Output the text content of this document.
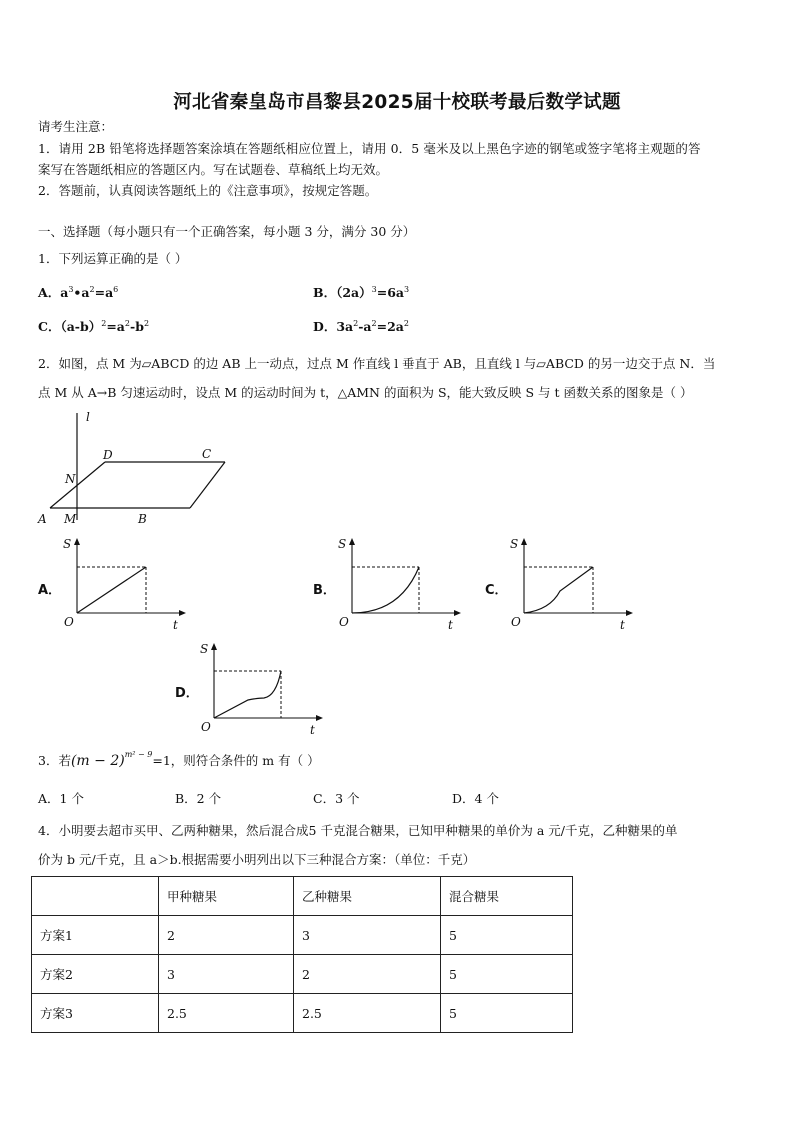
河北省秦皇岛市昌黎县2025届十校联考最后数学试题
请考生注意：
1．请用 2B 铅笔将选择题答案涂填在答题纸相应位置上，请用 0．5 毫米及以上黑色字迹的钢笔或签字笔将主观题的答
案写在答题纸相应的答题区内。写在试题卷、草稿纸上均无效。
2．答题前，认真阅读答题纸上的《注意事项》，按规定答题。
一、选择题（每小题只有一个正确答案，每小题 3 分，满分 30 分）
1．下列运算正确的是（ ）
A．$a^3•a^2=a^6$	B．$(2a)^3=6a^3$
C．$(a-b)^2=a^2-b^2$	D．$3a^2-a^2=2a^2$
2．如图，点 M 为▱ABCD 的边 AB 上一动点，过点 M 作直线 l 垂直于 AB，且直线 l 与▱ABCD 的另一边交于点 N．当
点 M 从 A→B 匀速运动时，设点 M 的运动时间为 t，△AMN 的面积为 S，能大致反映 S 与 t 函数关系的图象是（ ）
l
A	B
C
D
M
N
A．
S
t
O
B．
S
t
O
C．
S
t
O
D．
S
t
O
3．若$(m - 2)^{m^2 - 9}=1$，则符合条件的 m 有（ ）
A．1 个	B．2 个	C．3 个	D．4 个
4．小明要去超市买甲、乙两种糖果，然后混合成5 千克混合糖果，已知甲种糖果的单价为 a 元/千克，乙种糖果的单
价为 b 元/千克，且 a＞b.根据需要小明列出以下三种混合方案：（单位：千克）
	甲种糖果	乙种糖果	混合糖果
方案1	2	3	5
方案2	3	2	5
方案3	2.5	2.5	5
